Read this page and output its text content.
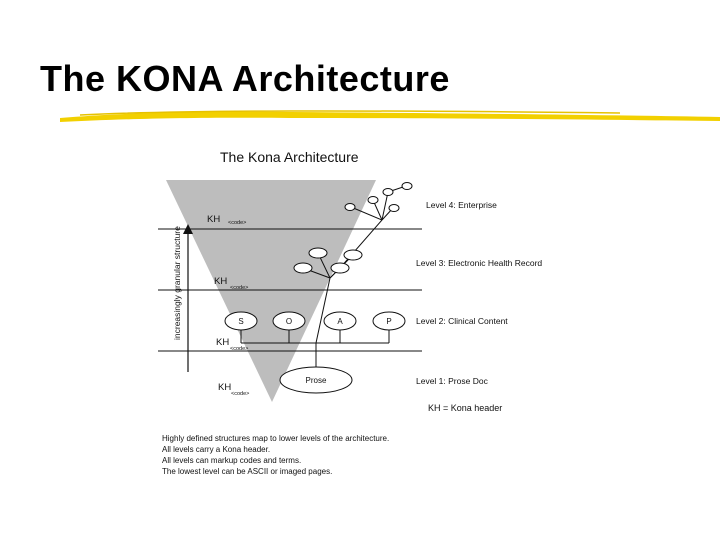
The KONA Architecture
The Kona Architecture
increasingly granular structure
KH <code>
KH
<code>
KH
<code>
KH
<code>
S	O	A	P
Prose
Level 4: Enterprise
Level 3: Electronic Health Record
Level 2: Clinical Content
Level 1: Prose Doc
KH = Kona header
Highly defined structures map to lower levels of the architecture.
All levels carry a Kona header.
All levels can markup codes and terms.
The lowest level can be ASCII or imaged pages.
